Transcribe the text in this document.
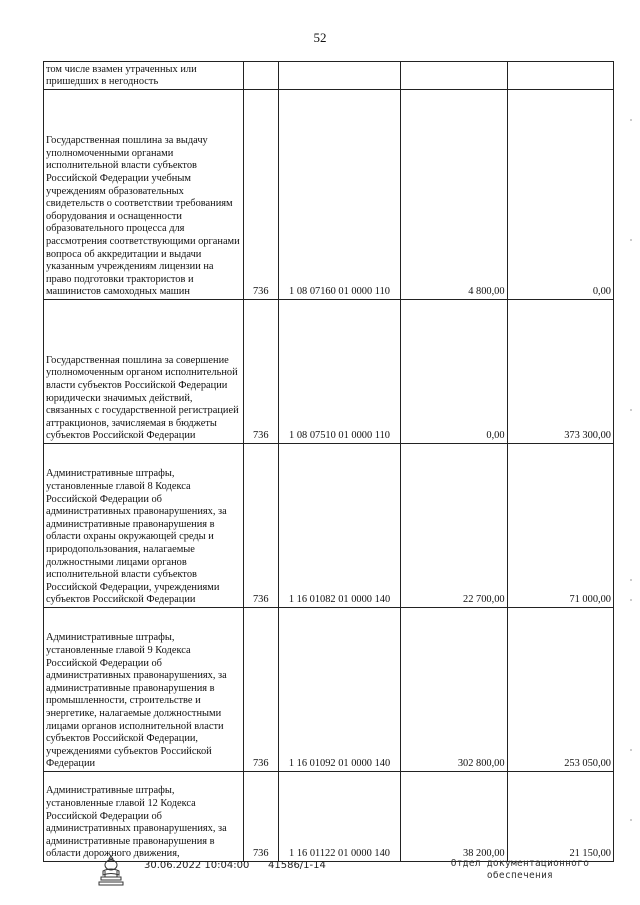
52
том числе взамен утраченных или пришедших в негодность				

Государственная пошлина за выдачу уполномоченными органами исполнительной власти субъектов Российской Федерации учебным учреждениям образовательных свидетельств о соответствии требованиям оборудования и оснащенности образовательного процесса для рассмотрения соответствующими органами вопроса об аккредитации и выдачи указанным учреждениям лицензии на право подготовки трактористов и машинистов самоходных машин	736	1 08 07160 01 0000 110	4 800,00	0,00

Государственная пошлина за совершение уполномоченным органом исполнительной власти субъектов Российской Федерации юридически значимых действий, связанных с государственной регистрацией аттракционов, зачисляемая в бюджеты субъектов Российской Федерации	736	1 08 07510 01 0000 110	0,00	373 300,00

Административные штрафы, установленные главой 8 Кодекса Российской Федерации об административных правонарушениях, за административные правонарушения в области охраны окружающей среды и природопользования, налагаемые должностными лицами органов исполнительной власти субъектов Российской Федерации, учреждениями субъектов Российской Федерации	736	1 16 01082 01 0000 140	22 700,00	71 000,00

Административные штрафы, установленные главой 9 Кодекса Российской Федерации об административных правонарушениях, за административные правонарушения в промышленности, строительстве и энергетике, налагаемые должностными лицами органов исполнительной власти субъектов Российской Федерации, учреждениями субъектов Российской Федерации	736	1 16 01092 01 0000 140	302 800,00	253 050,00

Административные штрафы, установленные главой 12 Кодекса Российской Федерации об административных правонарушениях, за административные правонарушения в области дорожного движения,	736	1 16 01122 01 0000 140	38 200,00	21 150,00
30.06.2022 10:04:00 41586/1-14	Отдел документационного
обеспечения
